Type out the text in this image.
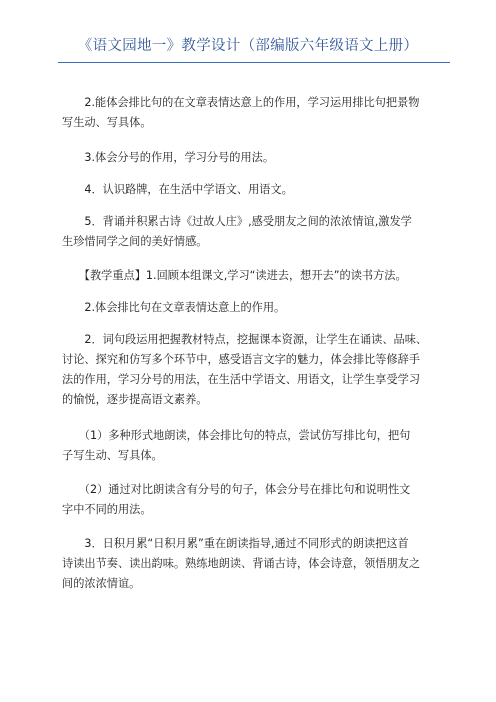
《语文园地一》教学设计（部编版六年级语文上册）
　　2.能体会排比句的在文章表情达意上的作用，学习运用排比句把景物
写生动、写具体。
　　3.体会分号的作用，学习分号的用法。
　　4．认识路牌，在生活中学语文、用语文。
　　5．背诵并积累古诗《过故人庄》,感受朋友之间的浓浓情谊,激发学
生珍惜同学之间的美好情感。
　　【教学重点】1.回顾本组课文,学习“读进去，想开去”的读书方法。
　　2.体会排比句在文章表情达意上的作用。
　　2．词句段运用把握教材特点，挖掘课本资源，让学生在诵读、品味、
讨论、探究和仿写多个环节中，感受语言文字的魅力，体会排比等修辞手
法的作用，学习分号的用法，在生活中学语文、用语文，让学生享受学习
的愉悦，逐步提高语文素养。
　　（1）多种形式地朗读，体会排比句的特点，尝试仿写排比句，把句
子写生动、写具体。
　　（2）通过对比朗读含有分号的句子，体会分号在排比句和说明性文
字中不同的用法。
　　3．日积月累“日积月累”重在朗读指导,通过不同形式的朗读把这首
诗读出节奏、读出韵味。熟练地朗读、背诵古诗，体会诗意，领悟朋友之
间的浓浓情谊。
